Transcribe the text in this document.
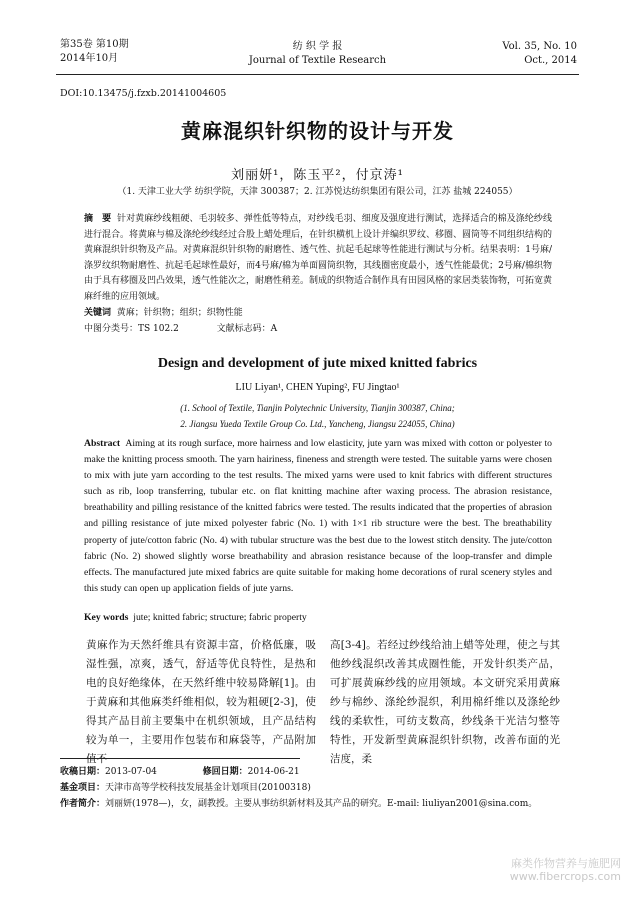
第35卷 第10期
2014年10月
纺 织 学 报
Journal of Textile Research
Vol. 35, No. 10
Oct., 2014
DOI:10.13475/j.fzxb.20141004605
黄麻混织针织物的设计与开发
刘丽妍¹，陈玉平²，付京涛¹
（1. 天津工业大学 纺织学院，天津 300387；2. 江苏悦达纺织集团有限公司，江苏 盐城 224055）
摘　要 针对黄麻纱线粗硬、毛羽较多、弹性低等特点，对纱线毛羽、细度及强度进行测试，选择适合的棉及涤纶纱线进行混合。将黄麻与棉及涤纶纱线经过合股上蜡处理后，在针织横机上设计并编织罗纹、移圈、圆筒等不同组织结构的黄麻混织针织物及产品。对黄麻混织针织物的耐磨性、透气性、抗起毛起球等性能进行测试与分析。结果表明：1号麻/涤罗纹织物耐磨性、抗起毛起球性最好，而4号麻/棉为单面圆筒织物，其线圈密度最小，透气性能最优；2号麻/棉织物由于具有移圈及凹凸效果，透气性能次之，耐磨性稍差。制成的织物适合制作具有田园风格的家居类装饰物，可拓宽黄麻纤维的应用领域。
关键词 黄麻；针织物；组织；织物性能
中图分类号：TS 102.2	文献标志码：A
Design and development of jute mixed knitted fabrics
LIU Liyan¹, CHEN Yuping², FU Jingtao¹
(1. School of Textile, Tianjin Polytechnic University, Tianjin 300387, China;
2. Jiangsu Yueda Textile Group Co. Ltd., Yancheng, Jiangsu 224055, China)
Abstract Aiming at its rough surface, more hairness and low elasticity, jute yarn was mixed with cotton or polyester to make the knitting process smooth. The yarn hairiness, fineness and strength were tested. The suitable yarns were chosen to mix with jute yarn according to the test results. The mixed yarns were used to knit fabrics with different structures such as rib, loop transferring, tubular etc. on flat knitting machine after waxing process. The abrasion resistance, breathability and pilling resistance of the knitted fabrics were tested. The results indicated that the properties of abrasion and pilling resistance of jute mixed polyester fabric (No. 1) with 1×1 rib structure were the best. The breathability property of jute/cotton fabric (No. 4) with tubular structure was the best due to the lowest stitch density. The jute/cotton fabric (No. 2) showed slightly worse breathability and abrasion resistance because of the loop-transfer and dimple effects. The manufactured jute mixed fabrics are quite suitable for making home decorations of rural scenery styles and this study can open up application fields of jute yarns.
Key words jute; knitted fabric; structure; fabric property
黄麻作为天然纤维具有资源丰富，价格低廉，吸湿性强，凉爽，透气，舒适等优良特性，是热和电的良好绝缘体，在天然纤维中较易降解[1]。由于黄麻和其他麻类纤维相似，较为粗硬[2-3]，使得其产品目前主要集中在机织领域，且产品结构较为单一，主要用作包装布和麻袋等，产品附加值不
高[3-4]。若经过纱线给油上蜡等处理，使之与其他纱线混织改善其成圈性能，开发针织类产品，可扩展黄麻纱线的应用领域。本文研究采用黄麻纱与棉纱、涤纶纱混织，利用棉纤维以及涤纶纱线的柔软性，可纺支数高，纱线条干光洁匀整等特性，开发新型黄麻混织针织物，改善布面的光洁度，柔
收稿日期：2013-07-04	修回日期：2014-06-21
基金项目：天津市高等学校科技发展基金计划项目(20100318)
作者简介：刘丽妍(1978—)，女，副教授。主要从事纺织新材料及其产品的研究。E-mail: liuliyan2001@sina.com。
麻类作物营养与施肥网
www.fibercrops.com
